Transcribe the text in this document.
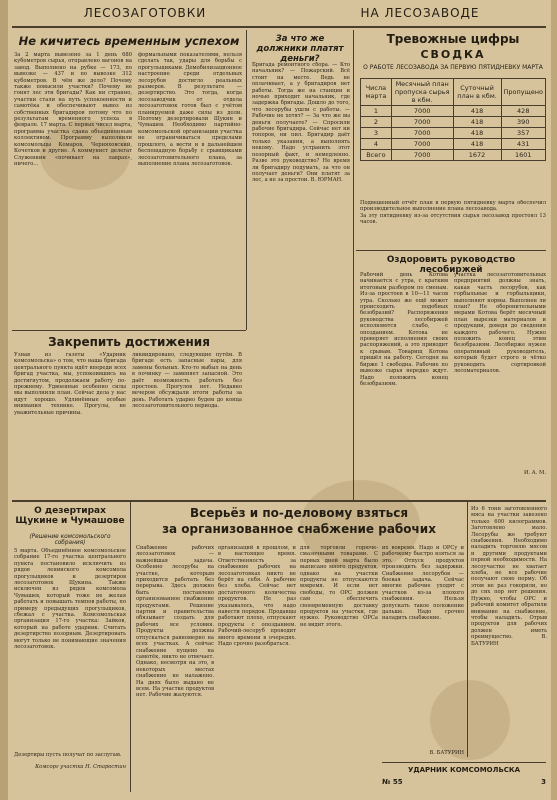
ЛЕСОЗАГОТОВКИ	НА ЛЕСОЗАВОДЕ
Не кичитесь временным успехом
За 2 марта вывезено за 1 день 680 кубометров сырья, отправлено вагонов на завод. Выполнено на рубке — 173, по вывозке — 437 и по вывозке 312 кубометров. В чём же дело? Почему также повысили участки? Почему не гонят лес эти бригады? Как ни странно, участки стали на путь успокоенности и самотёка и обеспечивают вывоз из собственных бригадиров потому что по результатам временного успеха в феврале. 17 марта. С первых чисел марта, программа участка сдана объединенным коллективом. Программу выполнили комсомольцы Комаров, Черняховский, Кочетков и другие. А коммунист делегат Служенкин «почивает на лаврах», ничего...
формальными показателями, нельзя сделать так, удары для борьбы с прогульщиками. Демобилизационное настроение среди отдельных лесорубов достигло реальных размеров. В результате — дезертирство. Это тогда, когда лесозаводчик от отдела лесозаготовок готов был с учётом планируемой даже силы из доли. Поэтому дезертировали Щукин и Чумашев. Необходимо партийно-комсомольской организации участка не ограничиваться пределами прошлого, а вести и в дальнейшем беспощадную борьбу с срывщиками лесозаготовительного плана, за выполнение плана лесозаготовок.
За что же должники платят деньги?
Бригада ремонтного сбора. — Кто начальник? — Пожарский. Всё стоит на месте. Ведь не оплачивает, а у бригадиров нет работы. Тогда же на станции и ночью приходит начальник, где задержка бригады. Дошло до того, что лесорубы ушли с работы. — Рабочие не хотят? — За что же вы деньги получаете? — Спросили рабочие бригадира. Сейчас нет ни топоров, ни пил. Бригадир даёт только указания, а выполнять некому. Надо устранить этот позорный факт, и немедленно. Разве это руководство? Не время ли бригадиру подумать, за что он получает деньги? Они платят за лес, а не за простои. В. ЮРМАН.
Тревожные цифры
СВОДКА
О РАБОТЕ ЛЕСОЗАВОДА ЗА ПЕРВУЮ ПЯТИДНЕВКУ МАРТА
Числа марта	Месячный план пропуска сырья в кбм.	Суточный план в кбм.	Пропущено
1	7000	418	428
2	7000	418	390
3	7000	418	357
4	7000	418	431
Всего	7000	1672	1601
Подвешенный отчёт план в первую пятидневку марта обеспечил производительное выполнение плана лесозавода.
За эту пятидневку из-за отсутствия сырья лесозавод простоял 13 часов.
Оздоровить руководство лесобиржей
Рабочий день Котова начинается с утра, с кратким итоговым разбором по сменам. Из-за простоев в 10—11 часов утра. Сколько же ещё может происходить подобных безобразий? Распоряжения руководства лесобиржей исполняются слабо, с опозданием. Котова не проверяет исполнения своих распоряжений, а это приводит к срывам. Товарищ Котова пришёл на работу. Сегодня на бирже 1 свободна. Рабочие по вывозке сырья нередко ждут. Надо положить конец безобразиям.
участка лесозаготовительных предприятий должны знать, какая часть лесорубов, как горбыльные и горбыльщики, выполняют нормы. Выполнен ли план? Не оборонительными мерами Котова берёт месячный план вырезки материалов и продукции, доведя до сведения каждого рабочего. Нужно положить конец этим безобразиям. Лесобирже нужен оперативный руководитель, который будет строго и чётко руководить сортировкой лесоматериалов.
И. А. М.
Закрепить достижения
Узнав из газеты «Ударник комсомольска» о том, что наша бригада центрального пункта идёт впереди всех бригад участка, мы, успокоившись на достигнутом, продолжаем работу по-прежнему. Удвоенные особенно силы мы выполнили план. Сейчас дела у нас идут хорошо. Удлинённые особые внимания технике. Прогулы, не уважительные причины.
ликвидировано, следующие путём. В бригаде есть запасные пары, для замены больных. Кто-то выбыл на день в починку — заменяет запасной. Это даёт возможность работать без простоев. Прогулов нет. Недавно вечером обсуждали итоги работы за день. Работать ударно будем до конца лесозаготовительного периода.
О дезертирах Щукине и Чумашове
(Решение комсомольского собрания)
5 марта. Объединённое комсомольское собрание 17-го участка центрального пункта постановило исключить из рядов ленинского комсомола прогульщиков и дезертиров лесозаготовок Щукина. Также исключен из рядов комсомола Чумашев, который тоже не желая работать и повышать темпов работы, по примеру предыдущих прогульщиков, сбежал с участка. Комсомольская организация 17-го участка: Зайков, который на работе ударник. Считать дезертирство позорным. Дезертировать могут только не понимающие значения лесозаготовок.
Дезертиры пусть получат по заслугам.
Комсорг участка Н. Старостин
Всерьёз и по-деловому взяться
за организованное снабжение рабочих
Снабжение рабочих лесозаготовок — важнейшая задача. Особенно лесорубы на участке, которым приходится работать без перерыва. Здесь должно быть поставлено организованное снабжение продуктами. Решение партии и правительства обязывает создать для рабочих все условия. Продукты должны отпускаться равномерно на всех участках. А сейчас снабжение пущено на самотёк, никто не отвечает. Однако, несмотря на это, в некоторых местах снабжение не налажено. На днях было выдано не всем. На участке продуктов нет. Рабочие жалуются.
организаций в прошлом, и в настоящее время. Ответственность за снабжение рабочих на лесозаготовках никто не берёт на себя. А рабочие без хлеба. Сейчас нет достаточного количества продуктов. Не раз указывалось, что надо навести порядок. Продавцы работают плохо, отпускают продукты с опозданием. Рабочий-лесоруб проводит много времени в очередях. Надо срочно разобраться.
для торговли горюче-смазочными товарами. С первых дней марта было выписано много продуктов, однако на участки продукты не отпускаются вовремя. И если нет свободы, то ОРС должен сам обеспечить своевременную доставку продуктов на участки, где нужно. Руководство ОРСа не видит этого.
их вовремя. Надо и ОРСу и рабочкому быстро взяться за это. Отпуск продуктов производить без задержки. Снабжение лесорубов — боевая задача. Сейчас многие рабочие уходят с участков из-за плохого снабжения. Нельзя допускать такое положение дальше. Надо срочно наладить снабжение.
В. БАТУРИН
Из 6 тонн заготовленного мяса на участки завезено только 600 килограммов. Заготовлено мало. Лесорубы же требуют снабжения. Необходимо наладить торговлю мясом и другими продуктами первой необходимости. На лесоучастке не хватает хлеба, не все рабочие получают свою норму. Об этом не раз говорили, но до сих пор нет решения. Нужно, чтобы ОРС и рабочий комитет обратили внимание на снабжение, чтобы наладить. Отрыв продуктов для рабочих должен иметь преимущество. В. БАТУРИН
УДАРНИК КОМСОМОЛЬСКА
№ 55	3
